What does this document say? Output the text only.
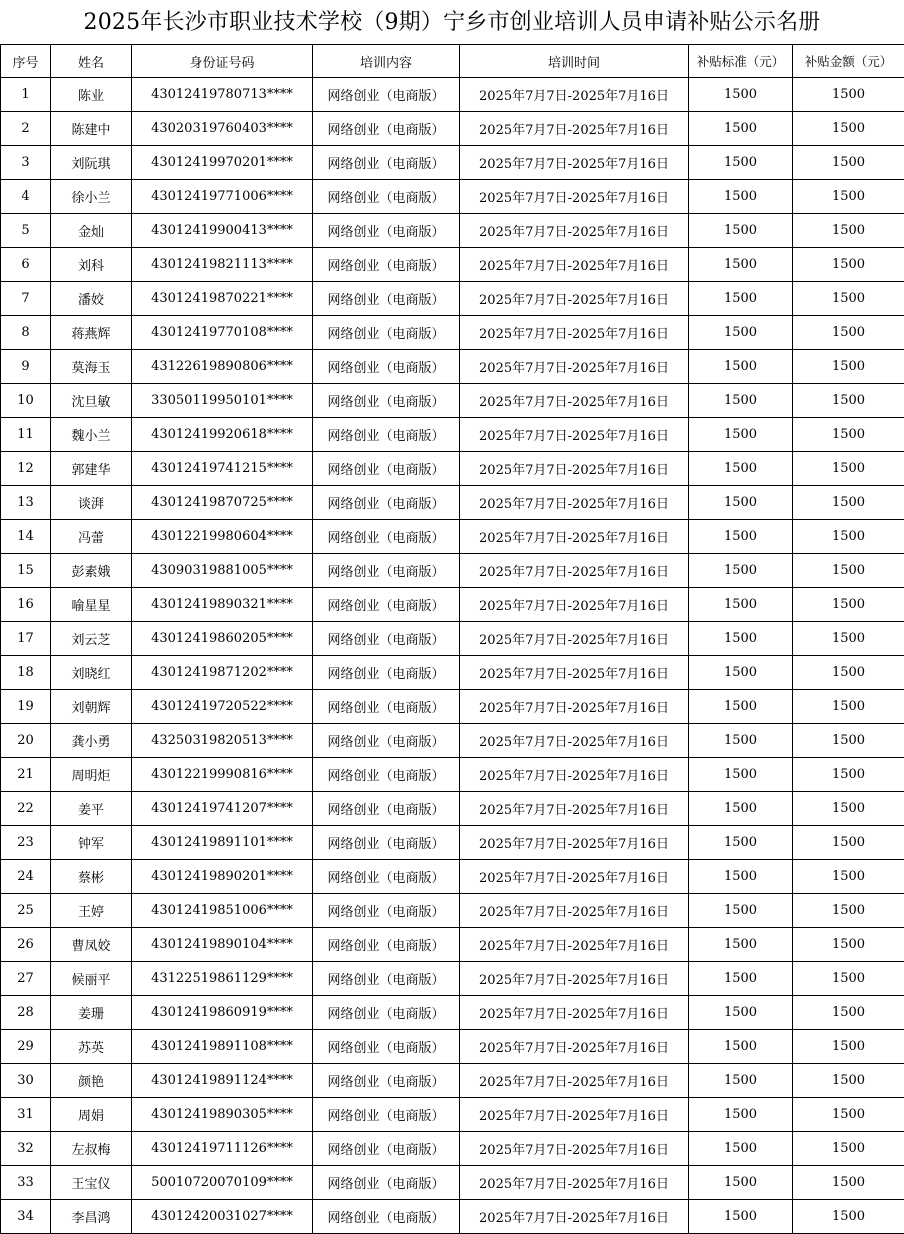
2025年长沙市职业技术学校（9期）宁乡市创业培训人员申请补贴公示名册
序号	姓名	身份证号码	培训内容	培训时间	补贴标准（元）	补贴金额（元）
1	陈业	43012419780713****	网络创业（电商版）	2025年7月7日-2025年7月16日	1500	1500
2	陈建中	43020319760403****	网络创业（电商版）	2025年7月7日-2025年7月16日	1500	1500
3	刘阮琪	43012419970201****	网络创业（电商版）	2025年7月7日-2025年7月16日	1500	1500
4	徐小兰	43012419771006****	网络创业（电商版）	2025年7月7日-2025年7月16日	1500	1500
5	金灿	43012419900413****	网络创业（电商版）	2025年7月7日-2025年7月16日	1500	1500
6	刘科	43012419821113****	网络创业（电商版）	2025年7月7日-2025年7月16日	1500	1500
7	潘姣	43012419870221****	网络创业（电商版）	2025年7月7日-2025年7月16日	1500	1500
8	蒋燕辉	43012419770108****	网络创业（电商版）	2025年7月7日-2025年7月16日	1500	1500
9	莫海玉	43122619890806****	网络创业（电商版）	2025年7月7日-2025年7月16日	1500	1500
10	沈旦敏	33050119950101****	网络创业（电商版）	2025年7月7日-2025年7月16日	1500	1500
11	魏小兰	43012419920618****	网络创业（电商版）	2025年7月7日-2025年7月16日	1500	1500
12	郭建华	43012419741215****	网络创业（电商版）	2025年7月7日-2025年7月16日	1500	1500
13	谈湃	43012419870725****	网络创业（电商版）	2025年7月7日-2025年7月16日	1500	1500
14	冯蕾	43012219980604****	网络创业（电商版）	2025年7月7日-2025年7月16日	1500	1500
15	彭素娥	43090319881005****	网络创业（电商版）	2025年7月7日-2025年7月16日	1500	1500
16	喻星星	43012419890321****	网络创业（电商版）	2025年7月7日-2025年7月16日	1500	1500
17	刘云芝	43012419860205****	网络创业（电商版）	2025年7月7日-2025年7月16日	1500	1500
18	刘晓红	43012419871202****	网络创业（电商版）	2025年7月7日-2025年7月16日	1500	1500
19	刘朝辉	43012419720522****	网络创业（电商版）	2025年7月7日-2025年7月16日	1500	1500
20	龚小勇	43250319820513****	网络创业（电商版）	2025年7月7日-2025年7月16日	1500	1500
21	周明炬	43012219990816****	网络创业（电商版）	2025年7月7日-2025年7月16日	1500	1500
22	姜平	43012419741207****	网络创业（电商版）	2025年7月7日-2025年7月16日	1500	1500
23	钟军	43012419891101****	网络创业（电商版）	2025年7月7日-2025年7月16日	1500	1500
24	蔡彬	43012419890201****	网络创业（电商版）	2025年7月7日-2025年7月16日	1500	1500
25	王婷	43012419851006****	网络创业（电商版）	2025年7月7日-2025年7月16日	1500	1500
26	曹凤姣	43012419890104****	网络创业（电商版）	2025年7月7日-2025年7月16日	1500	1500
27	候丽平	43122519861129****	网络创业（电商版）	2025年7月7日-2025年7月16日	1500	1500
28	姜珊	43012419860919****	网络创业（电商版）	2025年7月7日-2025年7月16日	1500	1500
29	苏英	43012419891108****	网络创业（电商版）	2025年7月7日-2025年7月16日	1500	1500
30	颜艳	43012419891124****	网络创业（电商版）	2025年7月7日-2025年7月16日	1500	1500
31	周娟	43012419890305****	网络创业（电商版）	2025年7月7日-2025年7月16日	1500	1500
32	左叔梅	43012419711126****	网络创业（电商版）	2025年7月7日-2025年7月16日	1500	1500
33	王宝仪	50010720070109****	网络创业（电商版）	2025年7月7日-2025年7月16日	1500	1500
34	李昌鸿	43012420031027****	网络创业（电商版）	2025年7月7日-2025年7月16日	1500	1500
